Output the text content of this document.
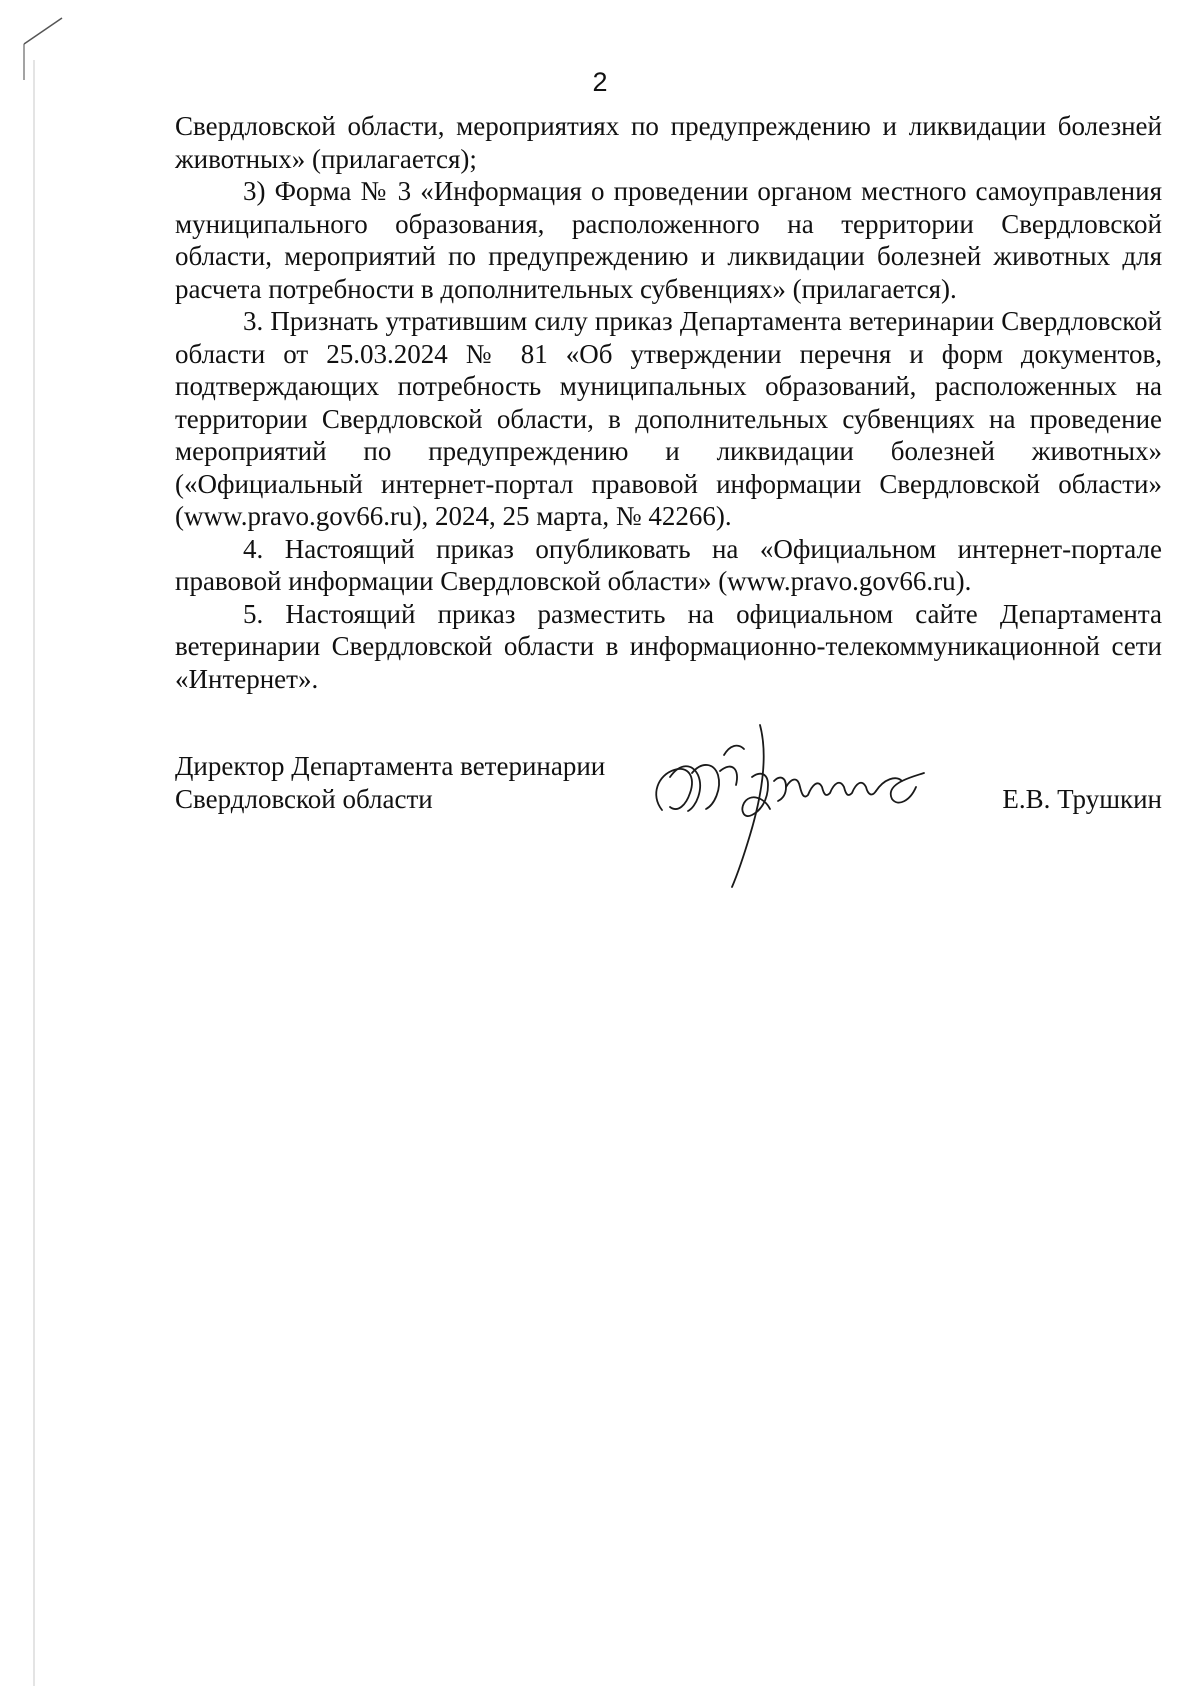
2

Свердловской области, мероприятиях по предупреждению и ликвидации болезней животных» (прилагается);

3) Форма № 3 «Информация о проведении органом местного самоуправления муниципального образования, расположенного на территории Свердловской области, мероприятий по предупреждению и ликвидации болезней животных для расчета потребности в дополнительных субвенциях» (прилагается).

3. Признать утратившим силу приказ Департамента ветеринарии Свердловской области от 25.03.2024 № 81 «Об утверждении перечня и форм документов, подтверждающих потребность муниципальных образований, расположенных на территории Свердловской области, в дополнительных субвенциях на проведение мероприятий по предупреждению и ликвидации болезней животных» («Официальный интернет-портал правовой информации Свердловской области» (www.pravo.gov66.ru), 2024, 25 марта, № 42266).

4. Настоящий приказ опубликовать на «Официальном интернет-портале правовой информации Свердловской области» (www.pravo.gov66.ru).

5. Настоящий приказ разместить на официальном сайте Департамента ветеринарии Свердловской области в информационно-телекоммуникационной сети «Интернет».

Директор Департамента ветеринарии
Свердловской области	Е.В. Трушкин
